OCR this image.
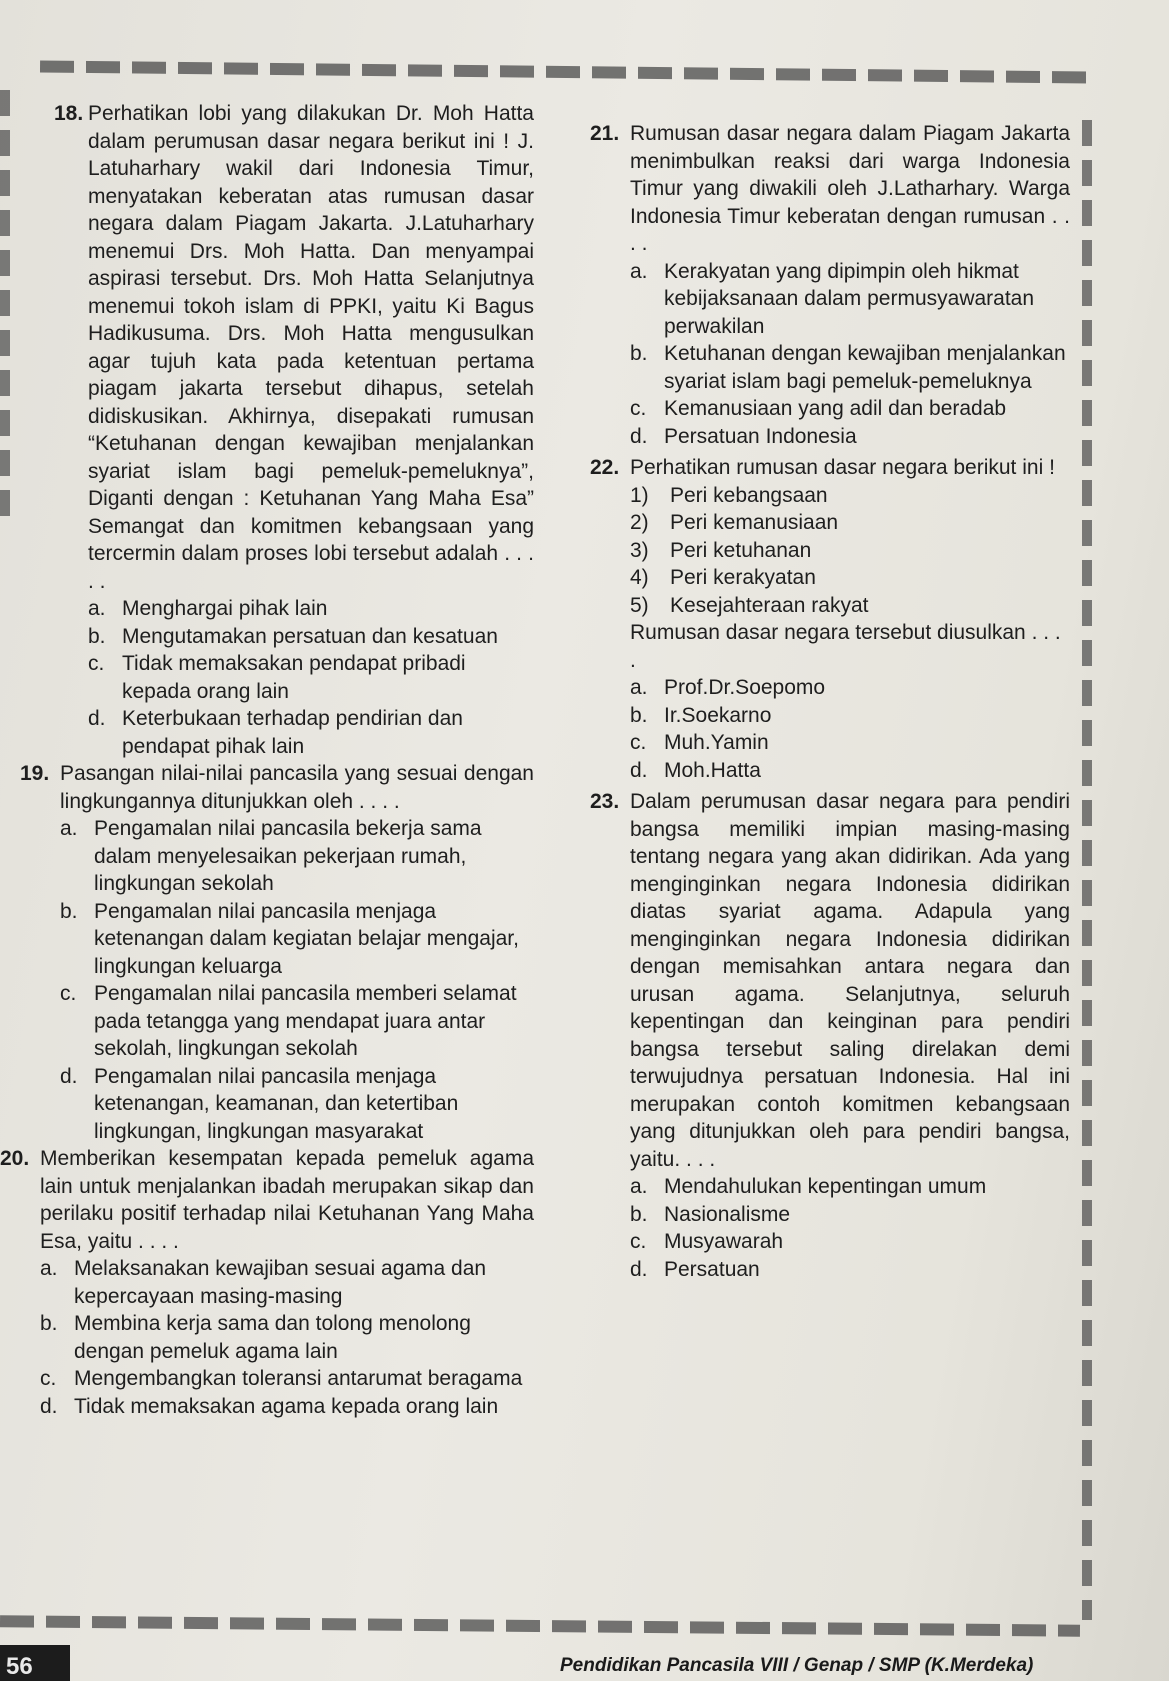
18. Perhatikan lobi yang dilakukan Dr. Moh Hatta dalam perumusan dasar negara berikut ini ! J. Latuharhary wakil dari Indonesia Timur, menyatakan keberatan atas rumusan dasar negara dalam Piagam Jakarta. J.Latuharhary menemui Drs. Moh Hatta. Dan menyampai aspirasi tersebut. Drs. Moh Hatta Selanjutnya menemui tokoh islam di PPKI, yaitu Ki Bagus Hadikusuma. Drs. Moh Hatta mengusulkan agar tujuh kata pada ketentuan pertama piagam jakarta tersebut dihapus, setelah didiskusikan. Akhirnya, disepakati rumusan “Ketuhanan dengan kewajiban menjalankan syariat islam bagi pemeluk-pemeluknya”, Diganti dengan : Ketuhanan Yang Maha Esa” Semangat dan komitmen kebangsaan yang tercermin dalam proses lobi tersebut adalah . . . . .

a. Menghargai pihak lain
b. Mengutamakan persatuan dan kesatuan
c. Tidak memaksakan pendapat pribadi kepada orang lain
d. Keterbukaan terhadap pendirian dan pendapat pihak lain
19. Pasangan nilai-nilai pancasila yang sesuai dengan lingkungannya ditunjukkan oleh . . . .

a. Pengamalan nilai pancasila bekerja sama dalam menyelesaikan pekerjaan rumah, lingkungan sekolah
b. Pengamalan nilai pancasila menjaga ketenangan dalam kegiatan belajar mengajar, lingkungan keluarga
c. Pengamalan nilai pancasila memberi selamat pada tetangga yang mendapat juara antar sekolah, lingkungan sekolah
d. Pengamalan nilai pancasila menjaga ketenangan, keamanan, dan ketertiban lingkungan, lingkungan masyarakat
20. Memberikan kesempatan kepada pemeluk agama lain untuk menjalankan ibadah merupakan sikap dan perilaku positif terhadap nilai Ketuhanan Yang Maha Esa, yaitu . . . .

a. Melaksanakan kewajiban sesuai agama dan kepercayaan masing-masing
b. Membina kerja sama dan tolong menolong dengan pemeluk agama lain
c. Mengembangkan toleransi antarumat beragama
d. Tidak memaksakan agama kepada orang lain
21. Rumusan dasar negara dalam Piagam Jakarta menimbulkan reaksi dari warga Indonesia Timur yang diwakili oleh J.Latharhary. Warga Indonesia Timur keberatan dengan rumusan . . . .

a. Kerakyatan yang dipimpin oleh hikmat kebijaksanaan dalam permusyawaratan perwakilan
b. Ketuhanan dengan kewajiban menjalankan syariat islam bagi pemeluk-pemeluknya
c. Kemanusiaan yang adil dan beradab
d. Persatuan Indonesia
22. Perhatikan rumusan dasar negara berikut ini !

1)	Peri kebangsaan
2)	Peri kemanusiaan
3)	Peri ketuhanan
4)	Peri kerakyatan
5)	Kesejahteraan rakyat

Rumusan dasar negara tersebut diusulkan . . . .

a. Prof.Dr.Soepomo
b. Ir.Soekarno
c. Muh.Yamin
d. Moh.Hatta
23. Dalam perumusan dasar negara para pendiri bangsa memiliki impian masing-masing tentang negara yang akan didirikan. Ada yang menginginkan negara Indonesia didirikan diatas syariat agama. Adapula yang menginginkan negara Indonesia didirikan dengan memisahkan antara negara dan urusan agama. Selanjutnya, seluruh kepentingan dan keinginan para pendiri bangsa tersebut saling direlakan demi terwujudnya persatuan Indonesia. Hal ini merupakan contoh komitmen kebangsaan yang ditunjukkan oleh para pendiri bangsa, yaitu. . . .

a. Mendahulukan kepentingan umum
b. Nasionalisme
c. Musyawarah
d. Persatuan
56	Pendidikan Pancasila VIII / Genap / SMP (K.Merdeka)
